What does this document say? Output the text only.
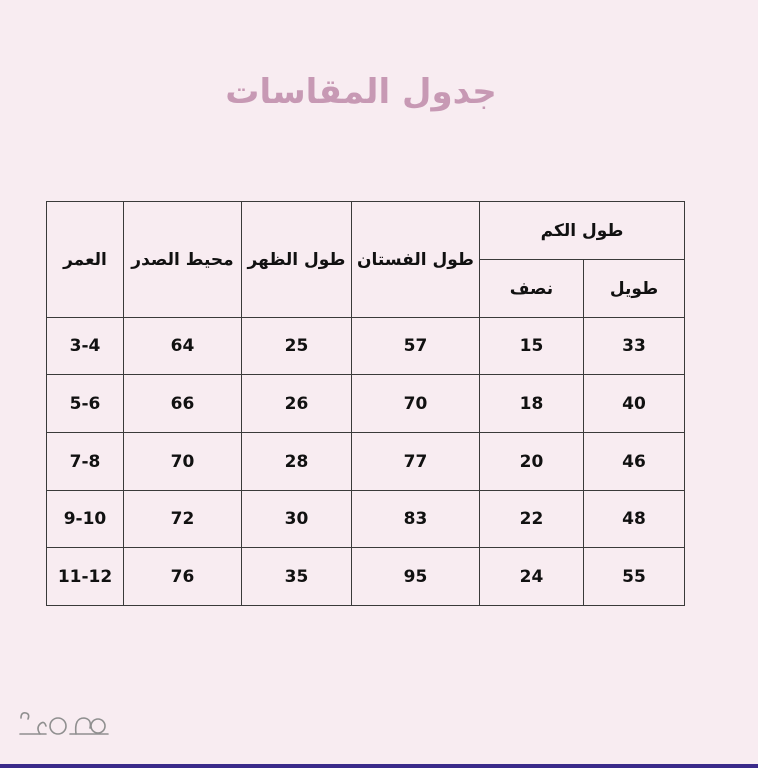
جدول المقاسات
العمر	محيط الصدر	طول الظهر	طول الفستان	طول الكم	
				نصف	طويل
3-4	64	25	57	15	33
5-6	66	26	70	18	40
7-8	70	28	77	20	46
9-10	72	30	83	22	48
11-12	76	35	95	24	55
